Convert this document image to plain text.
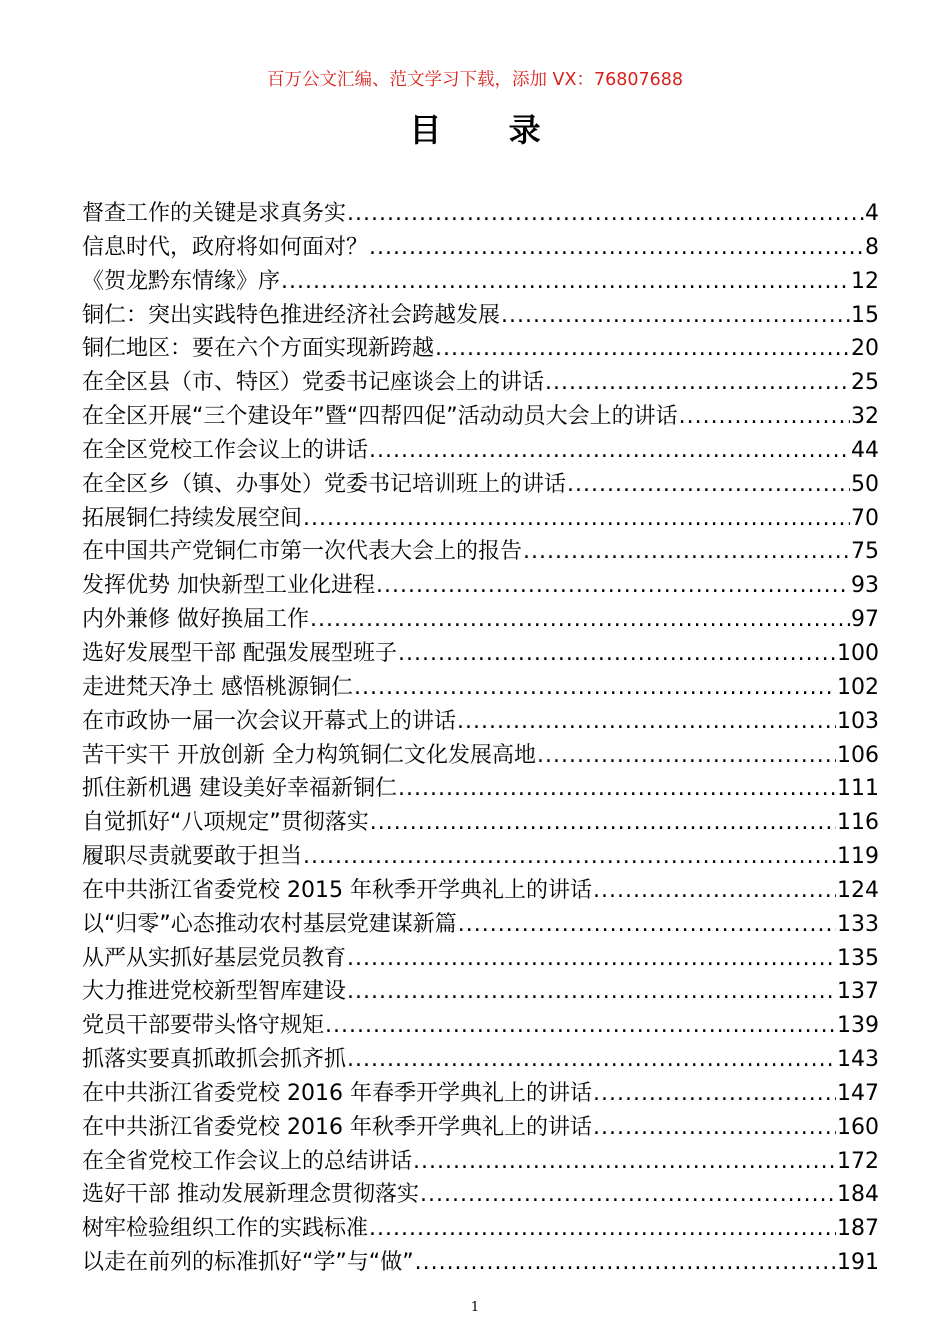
百万公文汇编、范文学习下载，添加 VX：76807688
目 录
督查工作的关键是求真务实 .....	4
信息时代，政府将如何面对？ .....	8
《贺龙黔东情缘》序 .....	12
铜仁：突出实践特色推进经济社会跨越发展 .....	15
铜仁地区：要在六个方面实现新跨越 .....	20
在全区县（市、特区）党委书记座谈会上的讲话 .....	25
在全区开展“三个建设年”暨“四帮四促”活动动员大会上的讲话 .....	32
在全区党校工作会议上的讲话 .....	44
在全区乡（镇、办事处）党委书记培训班上的讲话 .....	50
拓展铜仁持续发展空间 .....	70
在中国共产党铜仁市第一次代表大会上的报告 .....	75
发挥优势 加快新型工业化进程 .....	93
内外兼修 做好换届工作 .....	97
选好发展型干部 配强发展型班子 .....	100
走进梵天净土 感悟桃源铜仁 .....	102
在市政协一届一次会议开幕式上的讲话 .....	103
苦干实干 开放创新 全力构筑铜仁文化发展高地 .....	106
抓住新机遇 建设美好幸福新铜仁 .....	111
自觉抓好“八项规定”贯彻落实 .....	116
履职尽责就要敢于担当 .....	119
在中共浙江省委党校 2015 年秋季开学典礼上的讲话 .....	124
以“归零”心态推动农村基层党建谋新篇 .....	133
从严从实抓好基层党员教育 .....	135
大力推进党校新型智库建设 .....	137
党员干部要带头恪守规矩 .....	139
抓落实要真抓敢抓会抓齐抓 .....	143
在中共浙江省委党校 2016 年春季开学典礼上的讲话 .....	147
在中共浙江省委党校 2016 年秋季开学典礼上的讲话 .....	160
在全省党校工作会议上的总结讲话 .....	172
选好干部 推动发展新理念贯彻落实 .....	184
树牢检验组织工作的实践标准 .....	187
以走在前列的标准抓好“学”与“做” .....	191
1
